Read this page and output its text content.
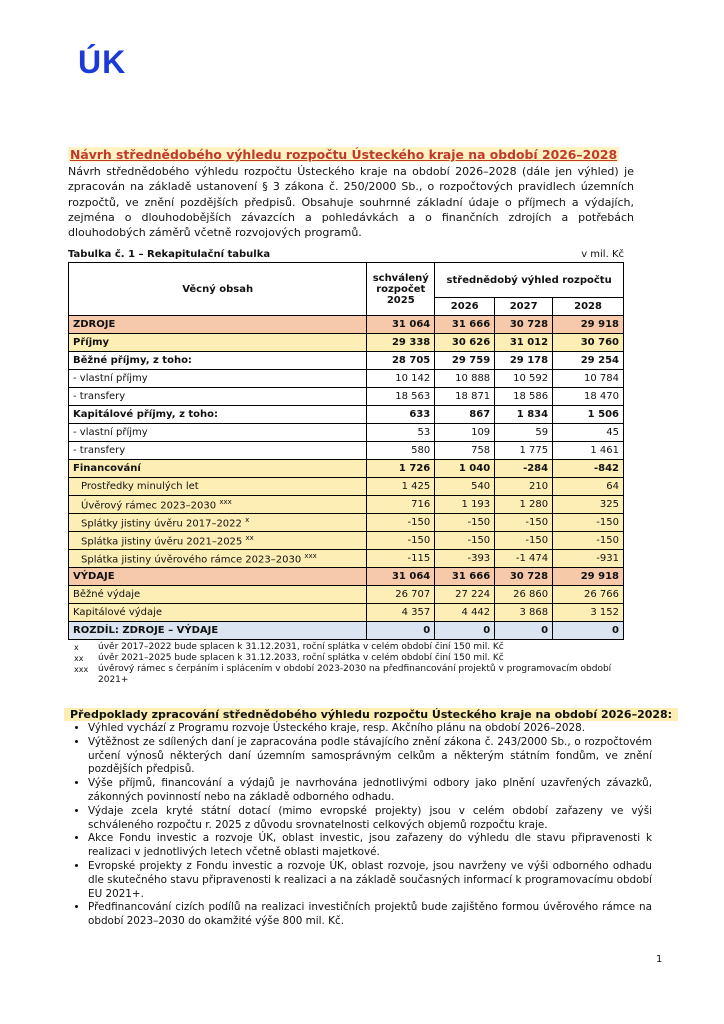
ÚK
Návrh střednědobého výhledu rozpočtu Ústeckého kraje na období 2026–2028
Návrh střednědobého výhledu rozpočtu Ústeckého kraje na období 2026–2028 (dále jen výhled) je zpracován na základě ustanovení § 3 zákona č. 250/2000 Sb., o rozpočtových pravidlech územních rozpočtů, ve znění pozdějších předpisů. Obsahuje souhrnné základní údaje o příjmech a výdajích, zejména o dlouhodobějších závazcích a pohledávkách a o finančních zdrojích a potřebách dlouhodobých záměrů včetně rozvojových programů.
Tabulka č. 1 – Rekapitulační tabulka	v mil. Kč
Věcný obsah	schválený rozpočet 2025	střednědobý výhled rozpočtu		
		2026	2027	2028
ZDROJE	31 064	31 666	30 728	29 918
Příjmy	29 338	30 626	31 012	30 760
Běžné příjmy, z toho:	28 705	29 759	29 178	29 254
- vlastní příjmy	10 142	10 888	10 592	10 784
- transfery	18 563	18 871	18 586	18 470
Kapitálové příjmy, z toho:	633	867	1 834	1 506
- vlastní příjmy	53	109	59	45
- transfery	580	758	1 775	1 461
Financování	1 726	1 040	-284	-842
Prostředky minulých let	1 425	540	210	64
Úvěrový rámec 2023–2030 $^{xxx}$	716	1 193	1 280	325
Splátky jistiny úvěru 2017–2022 $^x$	-150	-150	-150	-150
Splátka jistiny úvěru 2021–2025 $^{xx}$	-150	-150	-150	-150
Splátka jistiny úvěrového rámce 2023–2030 $^{xxx}$	-115	-393	-1 474	-931
VÝDAJE	31 064	31 666	30 728	29 918
Běžné výdaje	26 707	27 224	26 860	26 766
Kapitálové výdaje	4 357	4 442	3 868	3 152
ROZDÍL: ZDROJE – VÝDAJE	0	0	0	0
x	úvěr 2017–2022 bude splacen k 31.12.2031, roční splátka v celém období činí 150 mil. Kč
xx	úvěr 2021–2025 bude splacen k 31.12.2033, roční splátka v celém období činí 150 mil. Kč
xxx	úvěrový rámec s čerpáním i splácením v období 2023-2030 na předfinancování projektů v programovacím období 2021+
Předpoklady zpracování střednědobého výhledu rozpočtu Ústeckého kraje na období 2026–2028:
• Výhled vychází z Programu rozvoje Ústeckého kraje, resp. Akčního plánu na období 2026–2028.
• Výtěžnost ze sdílených daní je zapracována podle stávajícího znění zákona č. 243/2000 Sb., o rozpočtovém určení výnosů některých daní územním samosprávným celkům a některým státním fondům, ve znění pozdějších předpisů.
• Výše příjmů, financování a výdajů je navrhována jednotlivými odbory jako plnění uzavřených závazků, zákonných povinností nebo na základě odborného odhadu.
• Výdaje zcela kryté státní dotací (mimo evropské projekty) jsou v celém období zařazeny ve výši schváleného rozpočtu r. 2025 z důvodu srovnatelnosti celkových objemů rozpočtu kraje.
• Akce Fondu investic a rozvoje ÚK, oblast investic, jsou zařazeny do výhledu dle stavu připravenosti k realizaci v jednotlivých letech včetně oblasti majetkové.
• Evropské projekty z Fondu investic a rozvoje ÚK, oblast rozvoje, jsou navrženy ve výši odborného odhadu dle skutečného stavu připravenosti k realizaci a na základě současných informací k programovacímu období EU 2021+.
• Předfinancování cizích podílů na realizaci investičních projektů bude zajištěno formou úvěrového rámce na období 2023–2030 do okamžité výše 800 mil. Kč.
1
